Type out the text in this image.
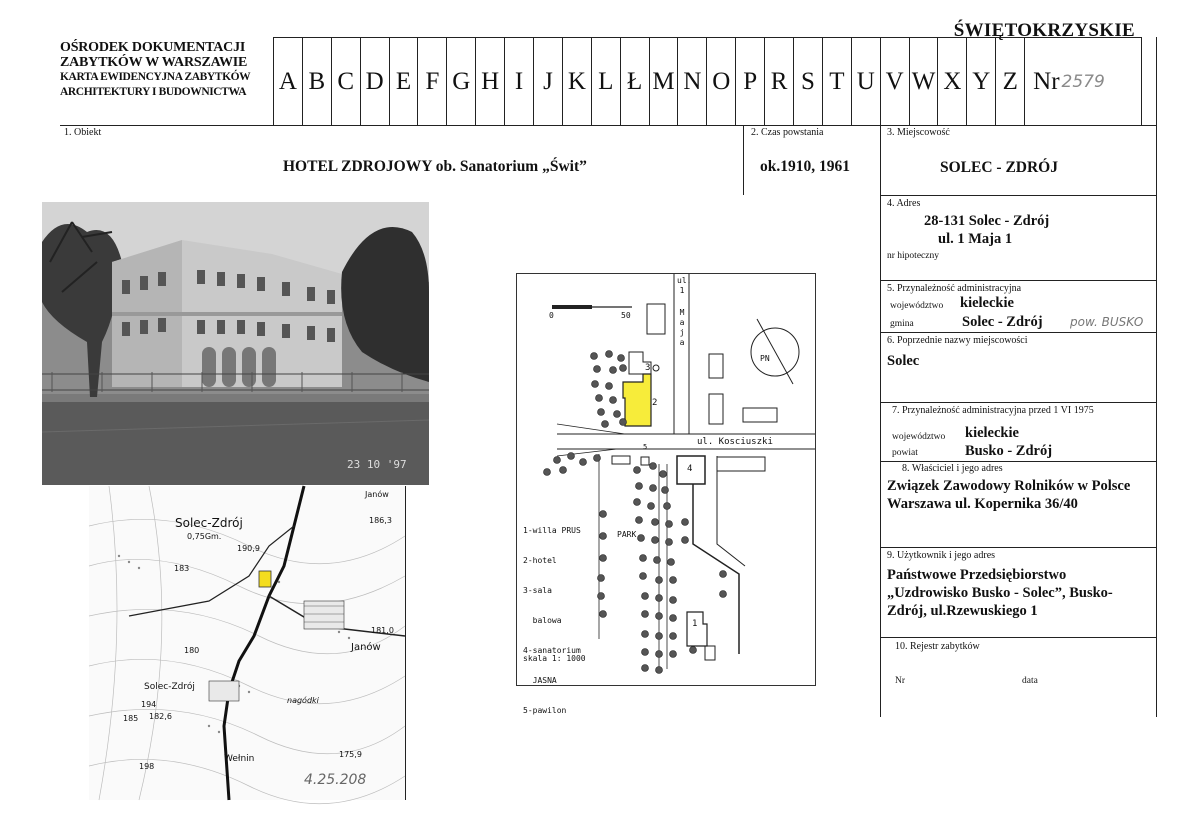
OŚRODEK DOKUMENTACJI
ZABYTKÓW W WARSZAWIE
KARTA EWIDENCYJNA ZABYTKÓW
ARCHITEKTURY I BUDOWNICTWA
ŚWIĘTOKRZYSKIE
A B C D E F G H I J K L Ł M N O P R S T U V W X Y Z Nr 2579
1. Obiekt
HOTEL ZDROJOWY ob. Sanatorium „Świt”
2. Czas powstania
ok.1910, 1961
3. Miejscowość
SOLEC - ZDRÓJ
4. Adres
28-131 Solec - Zdrój
ul. 1 Maja 1
nr hipoteczny
5. Przynależność administracyjna
województwo kieleckie
gmina	Solec - Zdrój pow. BUSKO
6. Poprzednie nazwy miejscowości
Solec
7. Przynależność administracyjna przed 1 VI 1975
województwo kieleckie
powiat	Busko - Zdrój
8. Właściciel i jego adres
Związek Zawodowy Rolników w Polsce Warszawa ul. Kopernika 36/40
9. Użytkownik i jego adres
Państwowe Przedsiębiorstwo „Uzdrowisko Busko - Solec”, Busko-Zdrój, ul.Rzewuskiego 1
10. Rejestr zabytków
Nr	data
23 10 '97
Solec-Zdrój
0,75Gm.
Janów
Janów
Solec-Zdrój
Wełnin
nagódki
186,3
183
180
182,6
194
175,9
181,0
190,9
198
185
4.25.208
ul.
1
M
a
j
a
ul. Kosciuszki
0	50
PN
PARK
2
3
4
5
1

1-willa PRUS

2-hotel

3-sala

balowa

4-sanatorium

JASNA

5-pawilon

skala 1: 1000
